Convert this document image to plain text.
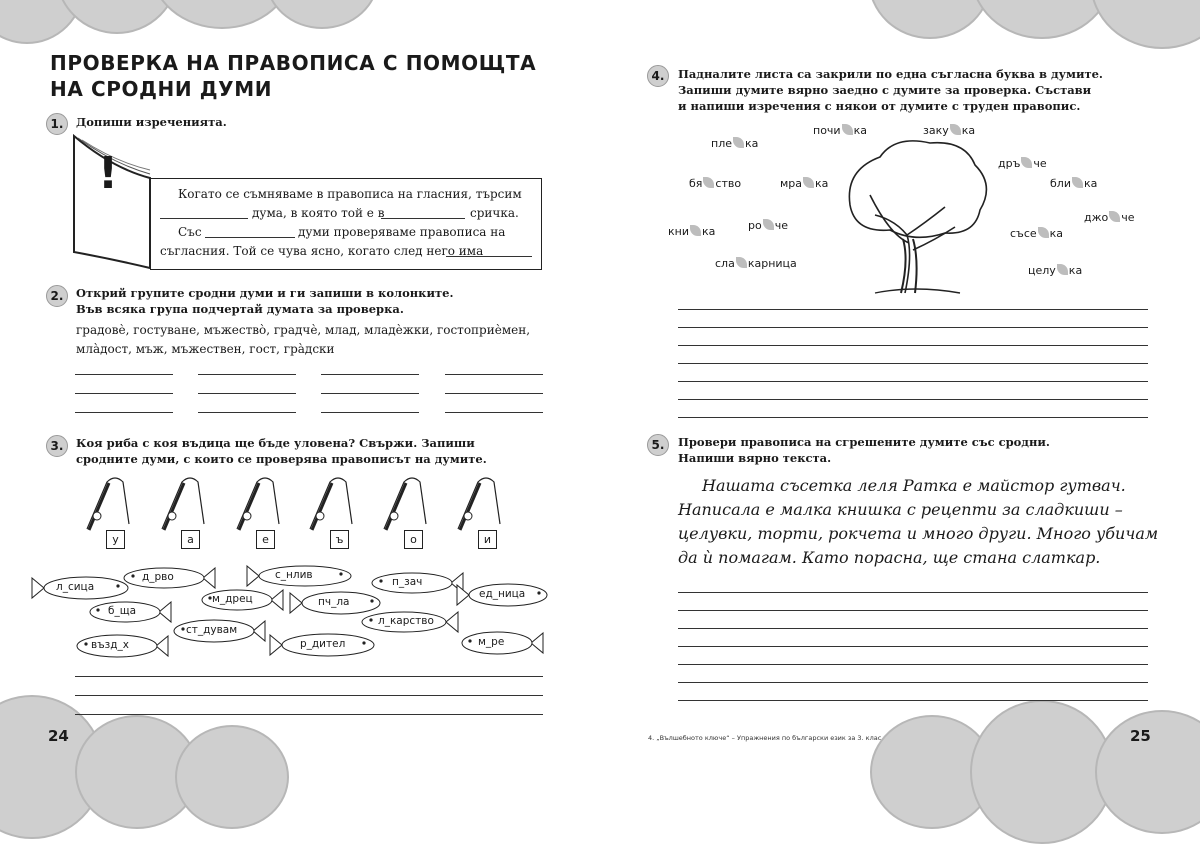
ПРОВЕРКА НА ПРАВОПИСА С ПОМОЩТА НА СРОДНИ ДУМИ
1.	Допиши изреченията.
!	Когато се съмняваме в правописа на гласния, търсим
дума, в която той е в	сричка.
Със	думи проверяваме правописа на
съгласния. Той се чува ясно, когато след него има
2.	Открий групите сродни думи и ги запиши в колонките.
Във всяка група подчертай думата за проверка.
градовѐ, гостуване, мъжествò, градчѐ, млад, младѐжки, гостоприѐмен,
млàдост, мъж, мъжествен, гост, грàдски
3.	Коя риба с коя въдица ще бъде уловена? Свържи. Запиши
сродните думи, с които се проверява правописът на думите.
у	а	е	ъ	о	и
л_сица
д_рво	с_нлив
п_зач
ед_ница
б_ща
м_дрец	пч_ла
л_карство
ст_дувам
възд_х	р_дител	м_ре
24
4.	Падналите листа са закрили по една съгласна буква в думите.
Запиши думите вярно заедно с думите за проверка. Състави
и напиши изречения с някои от думите с труден правопис.
почи ка	заку ка
пле ка
дръ че
бя ство	мра ка	бли ка
джо че
ро че
кни ка	съсе ка
сла карница
целу ка
5.	Провери правописа на сгрешените думите със сродни.
Напиши вярно текста.
Нашата съсетка леля Ратка е майстор гутвач.
Написала е малка книшка с рецепти за сладкиши –
целувки, торти, рокчета и много други. Много убичам
да ѝ помагам. Като порасна, ще стана слаткар.
4. „Вълшебното ключе“ – Упражнения по български език за 3. клас	25
